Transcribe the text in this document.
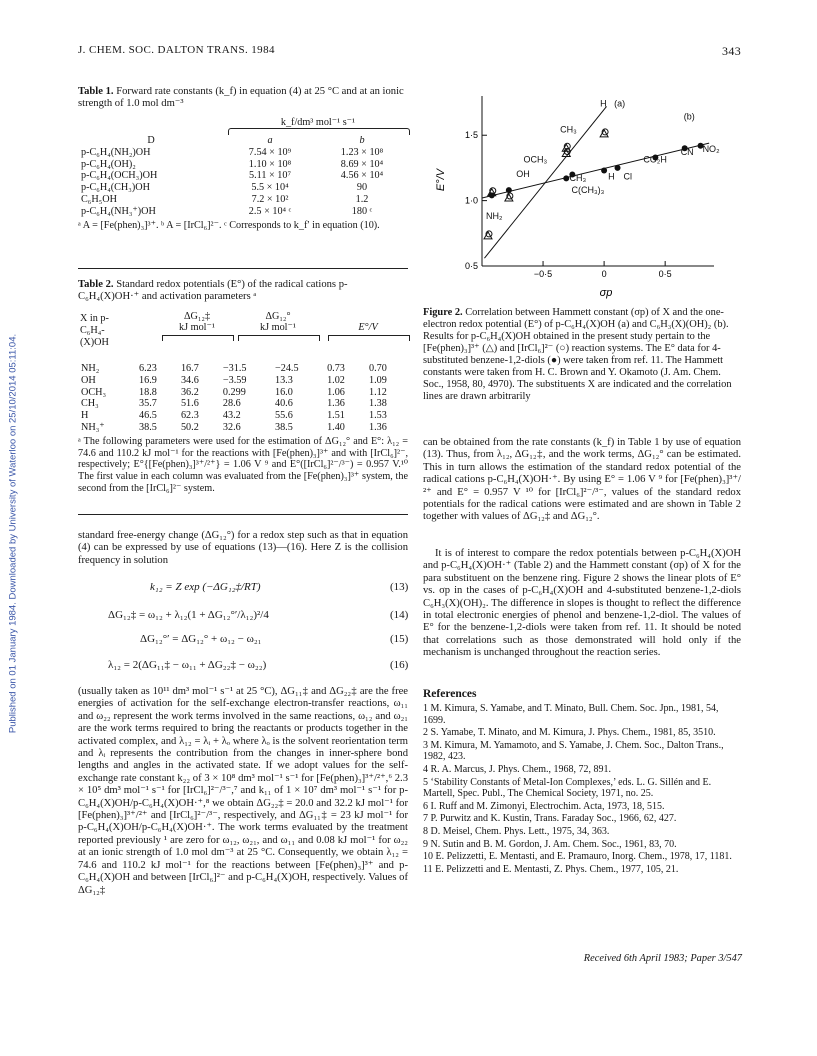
J. CHEM. SOC. DALTON TRANS. 1984	343
Published on 01 January 1984. Downloaded by University of Waterloo on 25/10/2014 05:11:04.
Table 1. Forward rate constants (k_f) in equation (4) at 25 °C and at an ionic strength of 1.0 mol dm⁻³
k_f/dm³ mol⁻¹ s⁻¹
D	a	b
p-C₆H₄(NH₂)OH	7.54 × 10⁹	1.23 × 10⁸
p-C₆H₄(OH)₂	1.10 × 10⁸	8.69 × 10⁴
p-C₆H₄(OCH₃)OH	5.11 × 10⁷	4.56 × 10⁴
p-C₆H₄(CH₃)OH	5.5 × 10⁴	90
C₆H₅OH	7.2 × 10²	1.2
p-C₆H₄(NH₃⁺)OH	2.5 × 10⁴ ᶜ	180 ᶜ
ᵃ A = [Fe(phen)₃]³⁺. ᵇ A = [IrCl₆]²⁻. ᶜ Corresponds to k_f′ in equation (10).
Table 2. Standard redox potentials (E°) of the radical cations p-C₆H₄(X)OH·⁺ and activation parameters ᵃ
X in p-C₆H₄-(X)OH
ΔG₁₂‡
kJ mol⁻¹
ΔG₁₂°
kJ mol⁻¹	E°/V
NH₂	6.23	16.7	−31.5	−24.5	0.73	0.70
OH	16.9	34.6	−3.59	13.3	1.02	1.09
OCH₃	18.8	36.2	0.299	16.0	1.06	1.12
CH₃	35.7	51.6	28.6	40.6	1.36	1.38
H	46.5	62.3	43.2	55.6	1.51	1.53
NH₃⁺	38.5	50.2	32.6	38.5	1.40	1.36
ᵃ The following parameters were used for the estimation of ΔG₁₂° and E°: λ₁₂ = 74.6 and 110.2 kJ mol⁻¹ for the reactions with [Fe(phen)₃]³⁺ and with [IrCl₆]²⁻, respectively; E°{[Fe(phen)₃]³⁺/²⁺} = 1.06 V ⁹ and E°([IrCl₆]²⁻/³⁻) = 0.957 V.¹⁰ The first value in each column was evaluated from the [Fe(phen)₃]³⁺ system, the second from the [IrCl₆]²⁻ system.

standard free-energy change (ΔG₁₂°) for a redox step such as that in equation (4) can be expressed by use of equations (13)—(16). Here Z is the collision frequency in solution

k₁₂ = Z exp (−ΔG₁₂‡/RT)	(13)
ΔG₁₂‡ = ω₁₂ + λ₁₂(1 + ΔG₁₂°′/λ₁₂)²/4	(14)
ΔG₁₂°′ = ΔG₁₂° + ω₁₂ − ω₂₁	(15)
λ₁₂ = 2(ΔG₁₁‡ − ω₁₁ + ΔG₂₂‡ − ω₂₂)	(16)

(usually taken as 10¹¹ dm³ mol⁻¹ s⁻¹ at 25 °C), ΔG₁₁‡ and ΔG₂₂‡ are the free energies of activation for the self-exchange electron-transfer reactions, ω₁₁ and ω₂₂ represent the work terms involved in the same reactions, ω₁₂ and ω₂₁ are the work terms required to bring the reactants or products together in the activated complex, and λ₁₂ = λᵢ + λₒ where λₒ is the solvent reorientation term and λᵢ represents the contribution from the changes in inner-sphere bond lengths and angles in the activated state. If we adopt values for the self-exchange rate constant k₂₂ of 3 × 10⁸ dm³ mol⁻¹ s⁻¹ for [Fe(phen)₃]³⁺/²⁺,⁶ 2.3 × 10⁵ dm³ mol⁻¹ s⁻¹ for [IrCl₆]²⁻/³⁻,⁷ and k₁₁ of 1 × 10⁷ dm³ mol⁻¹ s⁻¹ for p-C₆H₄(X)OH/p-C₆H₄(X)OH·⁺,⁸ we obtain ΔG₂₂‡ = 20.0 and 32.2 kJ mol⁻¹ for [Fe(phen)₃]³⁺/²⁺ and [IrCl₆]²⁻/³⁻, respectively, and ΔG₁₁‡ = 23 kJ mol⁻¹ for p-C₆H₄(X)OH/p-C₆H₄(X)OH·⁺. The work terms evaluated by the treatment reported previously ¹ are zero for ω₁₂, ω₂₁, and ω₁₁ and 0.08 kJ mol⁻¹ for ω₂₂ at an ionic strength of 1.0 mol dm⁻³ at 25 °C. Consequently, we obtain λ₁₂ = 74.6 and 110.2 kJ mol⁻¹ for the reactions between [Fe(phen)₃]³⁺ and p-C₆H₄(X)OH and between [IrCl₆]²⁻ and p-C₆H₄(X)OH, respectively. Values of ΔG₁₂‡

1·5
1·0
0·5
−0·5	0	0·5
H (a)
(b)
CH₃
OCH₃
OH	CH₃
C(CH₃)₃
NH₂
H Cl
CO₂H
CN NO₂
E°/V
σp
Figure 2. Correlation between Hammett constant (σp) of X and the one-electron redox potential (E°) of p-C₆H₄(X)OH (a) and C₆H₃(X)(OH)₂ (b). Results for p-C₆H₄(X)OH obtained in the present study pertain to the [Fe(phen)₃]³⁺ (△) and [IrCl₆]²⁻ (○) reaction systems. The E° data for 4-substituted benzene-1,2-diols (●) were taken from ref. 11. The Hammett constants were taken from H. C. Brown and Y. Okamoto (J. Am. Chem. Soc., 1958, 80, 4970). The substituents X are indicated and the correlation lines are drawn arbitrarily

can be obtained from the rate constants (k_f) in Table 1 by use of equation (13). Thus, from λ₁₂, ΔG₁₂‡, and the work terms, ΔG₁₂° can be estimated. This in turn allows the estimation of the standard redox potential of the radical cations p-C₆H₄(X)OH·⁺. By using E° = 1.06 V ⁹ for [Fe(phen)₃]³⁺/²⁺ and E° = 0.957 V ¹⁰ for [IrCl₆]²⁻/³⁻, values of the standard redox potentials for the radical cations were estimated and are shown in Table 2 together with values of ΔG₁₂‡ and ΔG₁₂°.

It is of interest to compare the redox potentials between p-C₆H₄(X)OH and p-C₆H₄(X)OH·⁺ (Table 2) and the Hammett constant (σp) of X for the para substituent on the benzene ring. Figure 2 shows the linear plots of E° vs. σp in the cases of p-C₆H₄(X)OH and 4-substituted benzene-1,2-diols C₆H₃(X)(OH)₂. The difference in slopes is thought to reflect the difference in total electronic energies of phenol and benzene-1,2-diol. The values of E° for the benzene-1,2-diols were taken from ref. 11. It should be noted that correlations such as those demonstrated will hold only if the mechanism is unchanged throughout the reaction series.

References
1 M. Kimura, S. Yamabe, and T. Minato, Bull. Chem. Soc. Jpn., 1981, 54, 1699.
2 S. Yamabe, T. Minato, and M. Kimura, J. Phys. Chem., 1981, 85, 3510.
3 M. Kimura, M. Yamamoto, and S. Yamabe, J. Chem. Soc., Dalton Trans., 1982, 423.
4 R. A. Marcus, J. Phys. Chem., 1968, 72, 891.
5 ‘Stability Constants of Metal-Ion Complexes,’ eds. L. G. Sillén and E. Martell, Spec. Publ., The Chemical Society, 1971, no. 25.
6 I. Ruff and M. Zimonyi, Electrochim. Acta, 1973, 18, 515.
7 P. Purwitz and K. Kustin, Trans. Faraday Soc., 1966, 62, 427.
8 D. Meisel, Chem. Phys. Lett., 1975, 34, 363.
9 N. Sutin and B. M. Gordon, J. Am. Chem. Soc., 1961, 83, 70.
10 E. Pelizzetti, E. Mentasti, and E. Pramauro, Inorg. Chem., 1978, 17, 1181.
11 E. Pelizzetti and E. Mentasti, Z. Phys. Chem., 1977, 105, 21.
Received 6th April 1983; Paper 3/547
